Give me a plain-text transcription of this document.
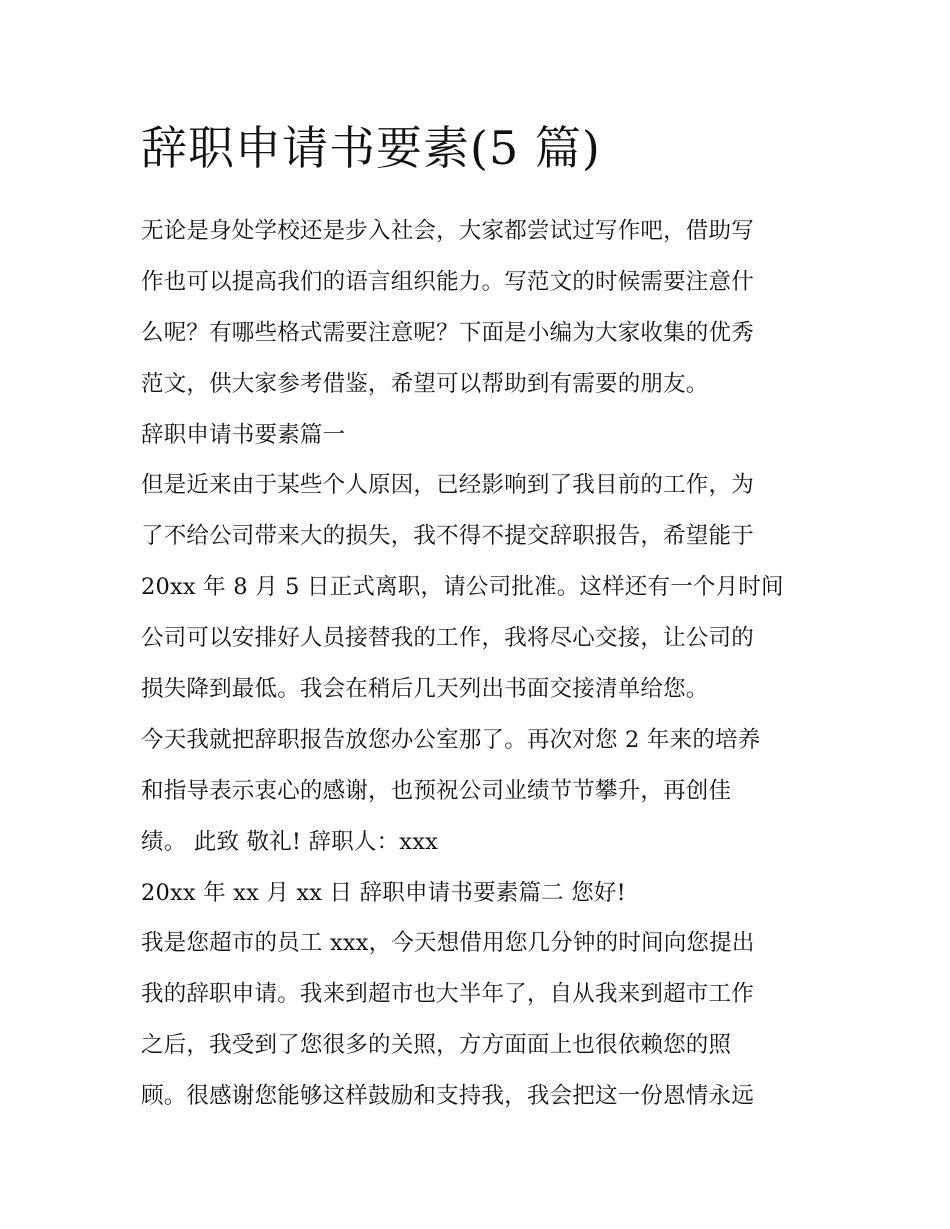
辞职申请书要素(5 篇)
无论是身处学校还是步入社会，大家都尝试过写作吧，借助写
作也可以提高我们的语言组织能力。写范文的时候需要注意什
么呢？有哪些格式需要注意呢？下面是小编为大家收集的优秀
范文，供大家参考借鉴，希望可以帮助到有需要的朋友。
辞职申请书要素篇一
但是近来由于某些个人原因，已经影响到了我目前的工作，为
了不给公司带来大的损失，我不得不提交辞职报告，希望能于
20xx 年 8 月 5 日正式离职，请公司批准。这样还有一个月时间
公司可以安排好人员接替我的工作，我将尽心交接，让公司的
损失降到最低。我会在稍后几天列出书面交接清单给您。
今天我就把辞职报告放您办公室那了。再次对您 2 年来的培养
和指导表示衷心的感谢，也预祝公司业绩节节攀升，再创佳
绩。 此致 敬礼! 辞职人：xxx
20xx 年 xx 月 xx 日 辞职申请书要素篇二 您好!
我是您超市的员工 xxx，今天想借用您几分钟的时间向您提出
我的辞职申请。我来到超市也大半年了，自从我来到超市工作
之后，我受到了您很多的关照，方方面面上也很依赖您的照
顾。很感谢您能够这样鼓励和支持我，我会把这一份恩情永远
